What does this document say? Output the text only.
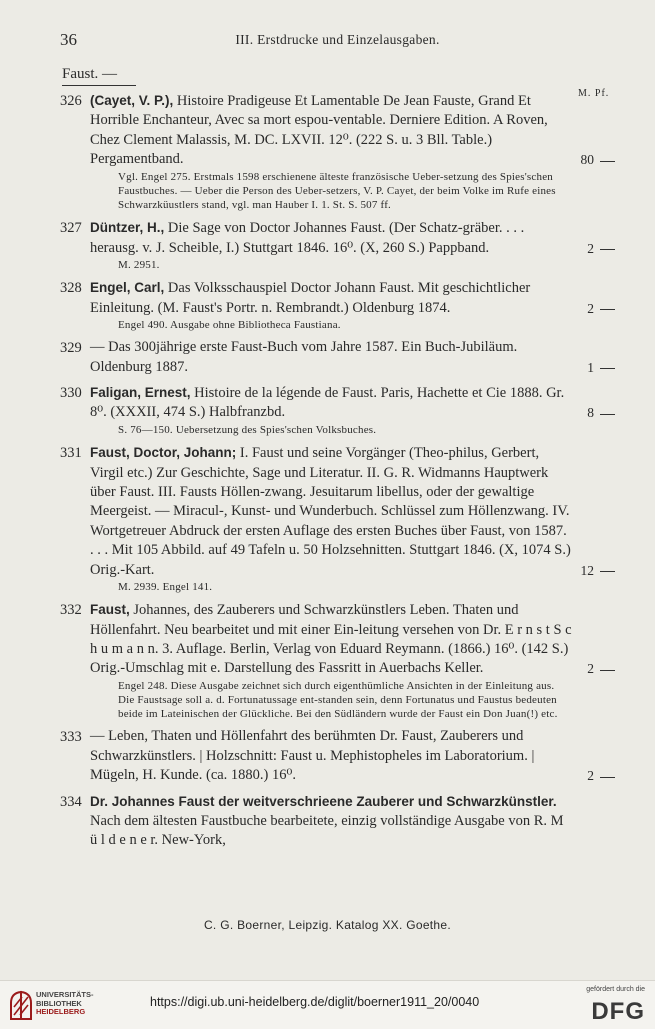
36	III. Erstdrucke und Einzelausgaben.
Faust. —
M. Pf.
326 (Cayet, V. P.), Histoire Pradigeuse Et Lamentable De Jean Fauste, Grand Et Horrible Enchanteur, Avec sa mort espou-ventable. Derniere Edition. A Roven, Chez Clement Malassis, M. DC. LXVII. 12⁰. (222 S. u. 3 Bll. Table.) Pergamentband.	80
Vgl. Engel 275. Erstmals 1598 erschienene älteste französische Ueber-setzung des Spies'schen Faustbuches. — Ueber die Person des Ueber-setzers, V. P. Cayet, der beim Volke im Rufe eines Schwarzküustlers stand, vgl. man Hauber I. 1. St. S. 507 ff.
327 Düntzer, H., Die Sage von Doctor Johannes Faust. (Der Schatz-gräber. . . . herausg. v. J. Scheible, I.) Stuttgart 1846. 16⁰. (X, 260 S.) Pappband.	2
M. 2951.
328 Engel, Carl, Das Volksschauspiel Doctor Johann Faust. Mit geschichtlicher Einleitung. (M. Faust's Portr. n. Rembrandt.) Oldenburg 1874.	2
Engel 490. Ausgabe ohne Bibliotheca Faustiana.
329 — Das 300jährige erste Faust-Buch vom Jahre 1587. Ein Buch-Jubiläum. Oldenburg 1887.	1
330 Faligan, Ernest, Histoire de la légende de Faust. Paris, Hachette et Cie 1888. Gr. 8⁰. (XXXII, 474 S.) Halbfranzbd.	8
S. 76—150. Uebersetzung des Spies'schen Volksbuches.
331 Faust, Doctor, Johann; I. Faust und seine Vorgänger (Theo-philus, Gerbert, Virgil etc.) Zur Geschichte, Sage und Literatur. II. G. R. Widmanns Hauptwerk über Faust. III. Fausts Höllen-zwang. Jesuitarum libellus, oder der gewaltige Meergeist. — Miracul-, Kunst- und Wunderbuch. Schlüssel zum Höllenzwang. IV. Wortgetreuer Abdruck der ersten Auflage des ersten Buches über Faust, von 1587. . . . Mit 105 Abbild. auf 49 Tafeln u. 50 Holzsehnitten. Stuttgart 1846. (X, 1074 S.) Orig.-Kart.	12
M. 2939. Engel 141.
332 Faust, Johannes, des Zauberers und Schwarzkünstlers Leben. Thaten und Höllenfahrt. Neu bearbeitet und mit einer Ein-leitung versehen von Dr. E r n s t S c h u m a n n. 3. Auflage. Berlin, Verlag von Eduard Reymann. (1866.) 16⁰. (142 S.) Orig.-Umschlag mit e. Darstellung des Fassritt in Auerbachs Keller.	2
Engel 248. Diese Ausgabe zeichnet sich durch eigenthümliche Ansichten in der Einleitung aus. Die Faustsage soll a. d. Fortunatussage ent-standen sein, denn Fortunatus und Faustus bedeuten beide im Lateinischen der Glückliche. Bei den Südländern wurde der Faust ein Don Juan(!) etc.
333 — Leben, Thaten und Höllenfahrt des berühmten Dr. Faust, Zauberers und Schwarzkünstlers. | Holzschnitt: Faust u. Mephistopheles im Laboratorium. | Mügeln, H. Kunde. (ca. 1880.) 16⁰.	2
334 Dr. Johannes Faust der weitverschrieene Zauberer und Schwarzkünstler. Nach dem ältesten Faustbuche bearbeitete, einzig vollständige Ausgabe von R. M ü l d e n e r. New-York,
C. G. Boerner, Leipzig. Katalog XX. Goethe.
UNIVERSITÄTS-
BIBLIOTHEK
HEIDELBERG
https://digi.ub.uni-heidelberg.de/diglit/boerner1911_20/0040
gefördert durch die
DFG
